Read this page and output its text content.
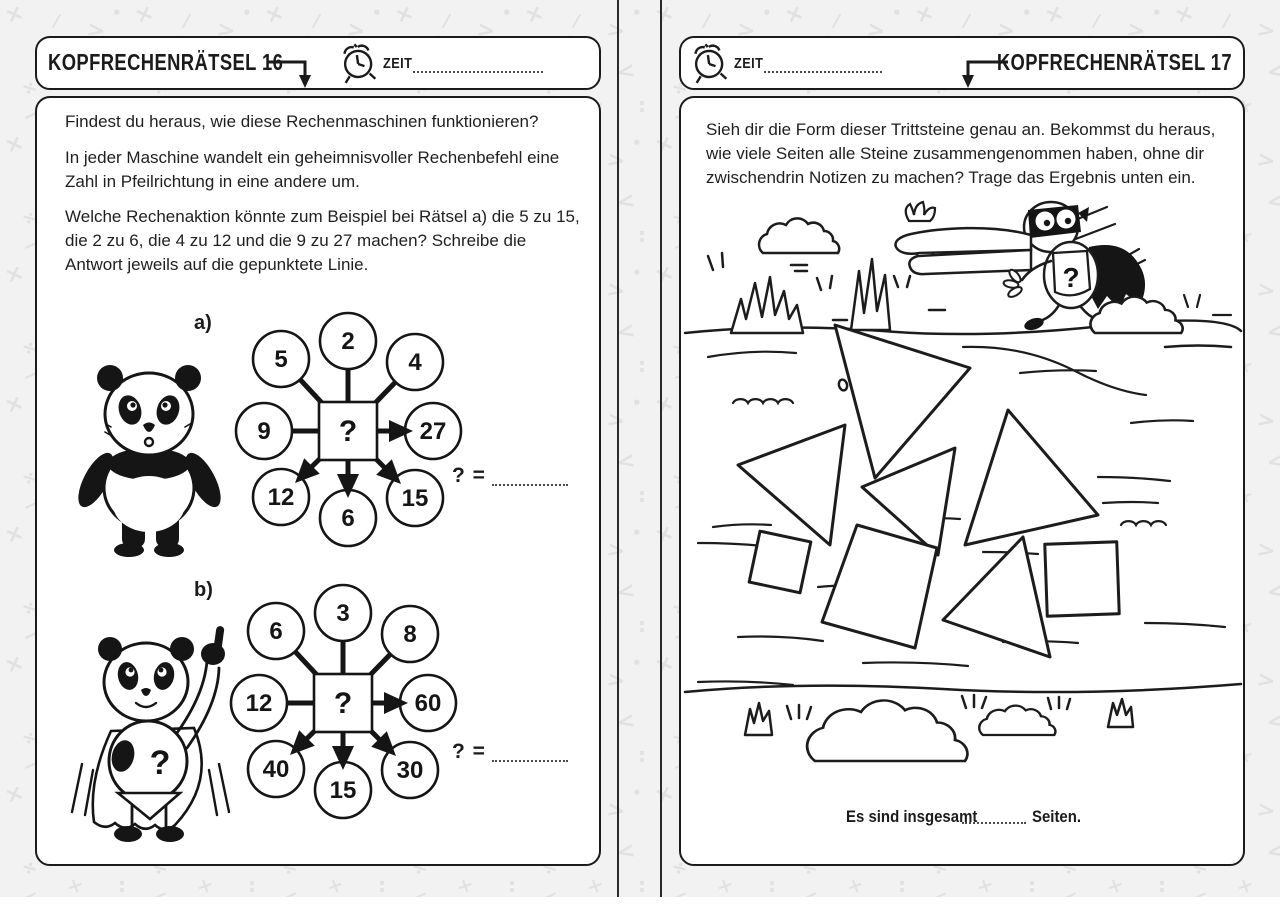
KOPFRECHENRÄTSEL 16	ZEIT

Findest du heraus, wie diese Rechenmaschinen funktionieren?

In jeder Maschine wandelt ein geheimnisvoller Rechenbefehl eine Zahl in Pfeilrichtung in eine andere um.

Welche Rechenaktion könnte zum Beispiel bei Rätsel a) die 5 zu 15, die 2 zu 6, die 4 zu 12 und die 9 zu 27 machen? Schreibe die Antwort jeweils auf die gepunktete Linie.

a)
5
2
4
9	27
12
6
15
?
? =
b)
6
3
8
12	60
40
15
30
?
? =
?
ZEIT	KOPFRECHENRÄTSEL 17

Sieh dir die Form dieser Trittsteine genau an. Bekommst du heraus, wie viele Seiten alle Steine zusammengenommen haben, ohne dir zwischendrin Notizen zu machen? Trage das Ergebnis unten ein.

?
Es sind insgesamt	Seiten.
